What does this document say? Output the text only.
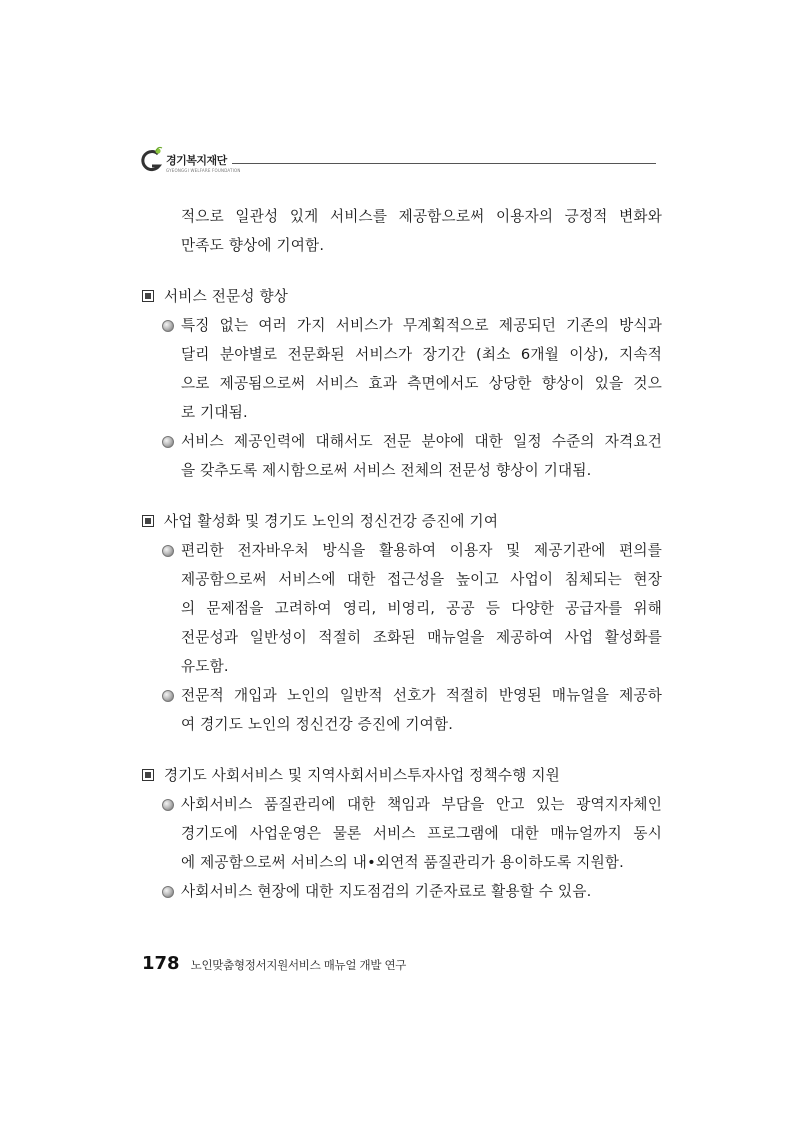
경기복지재단
GYEONGGI WELFARE FOUNDATION
적으로 일관성 있게 서비스를 제공함으로써 이용자의 긍정적 변화와
만족도 향상에 기여함.
서비스 전문성 향상
특징 없는 여러 가지 서비스가 무계획적으로 제공되던 기존의 방식과
달리 분야별로 전문화된 서비스가 장기간 (최소 6개월 이상), 지속적
으로 제공됨으로써 서비스 효과 측면에서도 상당한 향상이 있을 것으
로 기대됨.
서비스 제공인력에 대해서도 전문 분야에 대한 일정 수준의 자격요건
을 갖추도록 제시함으로써 서비스 전체의 전문성 향상이 기대됨.
사업 활성화 및 경기도 노인의 정신건강 증진에 기여
편리한 전자바우처 방식을 활용하여 이용자 및 제공기관에 편의를
제공함으로써 서비스에 대한 접근성을 높이고 사업이 침체되는 현장
의 문제점을 고려하여 영리, 비영리, 공공 등 다양한 공급자를 위해
전문성과 일반성이 적절히 조화된 매뉴얼을 제공하여 사업 활성화를
유도함.
전문적 개입과 노인의 일반적 선호가 적절히 반영된 매뉴얼을 제공하
여 경기도 노인의 정신건강 증진에 기여함.
경기도 사회서비스 및 지역사회서비스투자사업 정책수행 지원
사회서비스 품질관리에 대한 책임과 부담을 안고 있는 광역지자체인
경기도에 사업운영은 물론 서비스 프로그램에 대한 매뉴얼까지 동시
에 제공함으로써 서비스의 내•외연적 품질관리가 용이하도록 지원함.
사회서비스 현장에 대한 지도점검의 기준자료로 활용할 수 있음.
178 노인맞춤형정서지원서비스 매뉴얼 개발 연구
